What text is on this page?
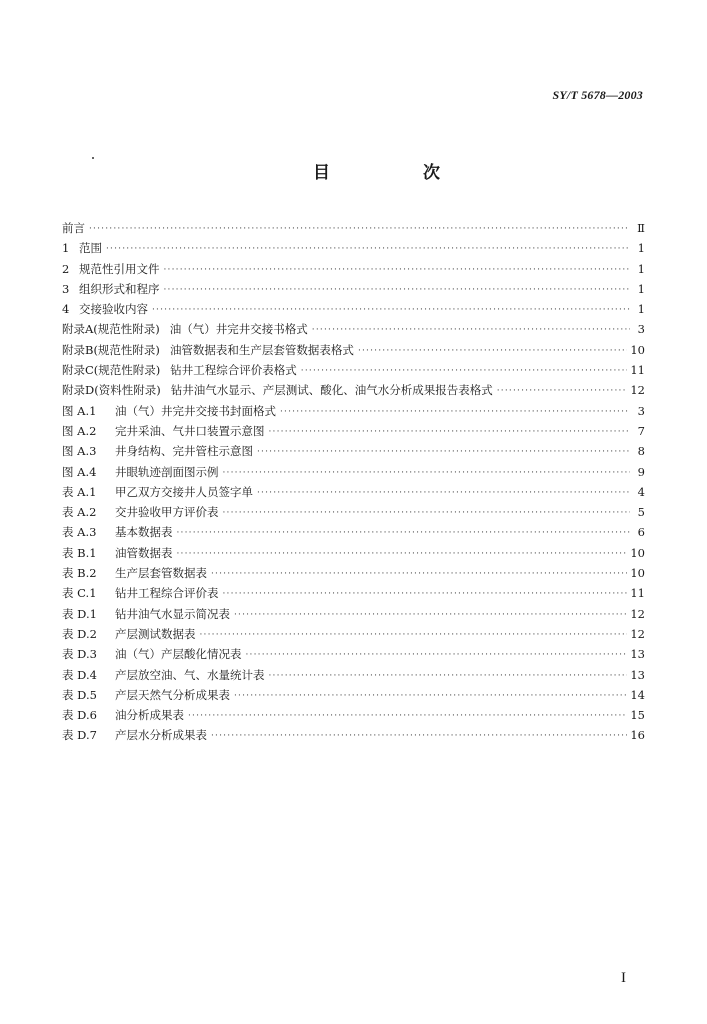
SY/T 5678—2003
目　次
前言 ·····	Ⅱ
1 范围 ·····	1
2 规范性引用文件 ·····	1
3 组织形式和程序 ·····	1
4 交接验收内容 ·····	1
附录A(规范性附录) 油（气）井完井交接书格式 ·····	3
附录B(规范性附录) 油管数据表和生产层套管数据表格式 ·····	10
附录C(规范性附录) 钻井工程综合评价表格式 ·····	11
附录D(资料性附录) 钻井油气水显示、产层测试、酸化、油气水分析成果报告表格式 ·····	12
图 A.1	油（气）井完井交接书封面格式 ·····	3
图 A.2	完井采油、气井口装置示意图 ·····	7
图 A.3	井身结构、完井管柱示意图 ·····	8
图 A.4	井眼轨迹剖面图示例 ·····	9
表 A.1	甲乙双方交接井人员签字单 ·····	4
表 A.2	交井验收甲方评价表 ·····	5
表 A.3	基本数据表 ·····	6
表 B.1	油管数据表 ·····	10
表 B.2	生产层套管数据表 ·····	10
表 C.1	钻井工程综合评价表 ·····	11
表 D.1	钻井油气水显示简况表 ·····	12
表 D.2	产层测试数据表 ·····	12
表 D.3	油（气）产层酸化情况表 ·····	13
表 D.4	产层放空油、气、水量统计表 ·····	13
表 D.5	产层天然气分析成果表 ·····	14
表 D.6	油分析成果表 ·····	15
表 D.7	产层水分析成果表 ·····	16
I
